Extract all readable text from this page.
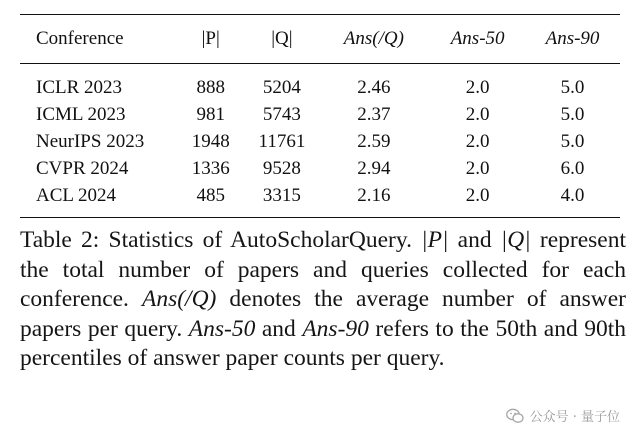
Conference	|P|	|Q|	Ans(/Q)	Ans-50	Ans-90
ICLR 2023	888	5204	2.46	2.0	5.0
ICML 2023	981	5743	2.37	2.0	5.0
NeurIPS 2023	1948	11761	2.59	2.0	5.0
CVPR 2024	1336	9528	2.94	2.0	6.0
ACL 2024	485	3315	2.16	2.0	4.0
Table 2: Statistics of AutoScholarQuery. |P| and |Q| represent the total number of papers and queries collected for each conference. Ans(/Q) denotes the average number of answer papers per query. Ans-50 and Ans-90 refers to the 50th and 90th percentiles of answer paper counts per query.
公众号 · 量子位
